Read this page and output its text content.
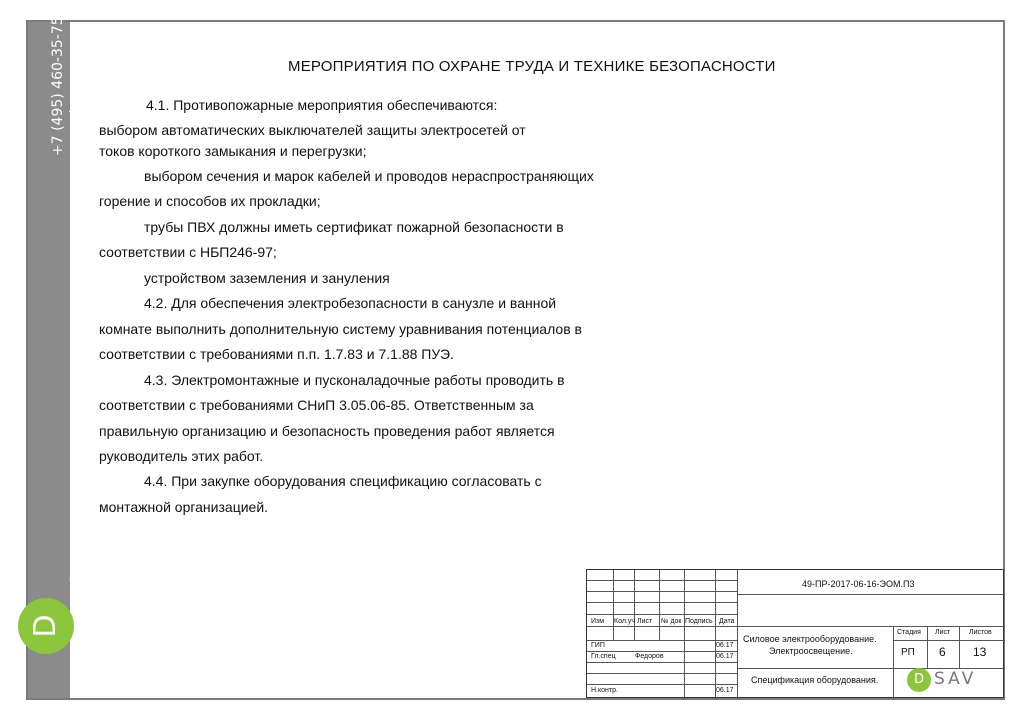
+7 (495) 460-35-75 www.d-sav.ru
SAV
D
МЕРОПРИЯТИЯ ПО ОХРАНЕ ТРУДА И ТЕХНИКЕ БЕЗОПАСНОСТИ
4.1. Противопожарные мероприятия обеспечиваются:
выбором автоматических выключателей защиты электросетей от
токов короткого замыкания и перегрузки;
выбором сечения и марок кабелей и проводов нераспространяющих
горение и способов их прокладки;
трубы ПВХ должны иметь сертификат пожарной безопасности в
соответствии с НБП246-97;
устройством заземления и зануления
4.2. Для обеспечения электробезопасности в санузле и ванной
комнате выполнить дополнительную систему уравнивания потенциалов в
соответствии с требованиями п.п. 1.7.83 и 7.1.88 ПУЭ.
4.3. Электромонтажные и пусконаладочные работы проводить в
соответствии с требованиями СНиП 3.05.06-85. Ответственным за
правильную организацию и безопасность проведения работ является
руководитель этих работ.
4.4. При закупке оборудования спецификацию согласовать с
монтажной организацией.
49-ПР-2017-06-16-ЭОМ.П3
Изм Кол.уч Лист № док Подпись Дата
ГИП	06.17
Гл.спец	Федоров	06.17
Н.контр.	06.17
Силовое электрооборудование.
Электроосвещение.
Стадия Лист	Листов
РП 6 13
Спецификация оборудования.	D SAV
